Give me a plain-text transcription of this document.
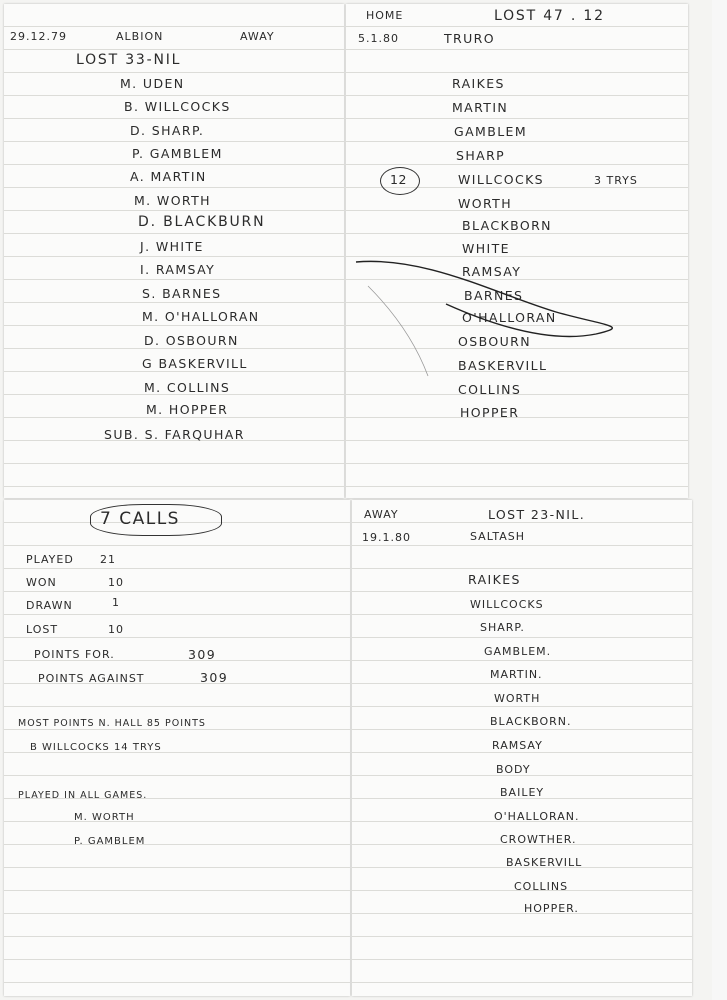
29.12.79	ALBION	AWAY
LOST 33-NIL
M. UDEN
B. WILLCOCKS
D. SHARP.
P. GAMBLEM
A. MARTIN
M. WORTH
D. BLACKBURN
J. WHITE
I. RAMSAY
S. BARNES
M. O'HALLORAN
D. OSBOURN
G BASKERVILL
M. COLLINS
M. HOPPER
SUB. S. FARQUHAR
HOME	LOST 47 . 12
5.1.80	TRURO
12
RAIKES
MARTIN
GAMBLEM
SHARP
WILLCOCKS	3 TRYS
WORTH
BLACKBORN
WHITE
RAMSAY
BARNES
O'HALLORAN
OSBOURN
BASKERVILL
COLLINS
HOPPER
7 CALLS
PLAYED 21
WON	10
DRAWN	1
LOST	10
POINTS FOR.	309
POINTS AGAINST	309
MOST POINTS N. HALL 85 POINTS
B WILLCOCKS 14 TRYS
PLAYED IN ALL GAMES.
M. WORTH
P. GAMBLEM
AWAY	LOST 23-NIL.
19.1.80	SALTASH
RAIKES
WILLCOCKS
SHARP.
GAMBLEM.
MARTIN.
WORTH
BLACKBORN.
RAMSAY
BODY
BAILEY
O'HALLORAN.
CROWTHER.
BASKERVILL
COLLINS
HOPPER.
